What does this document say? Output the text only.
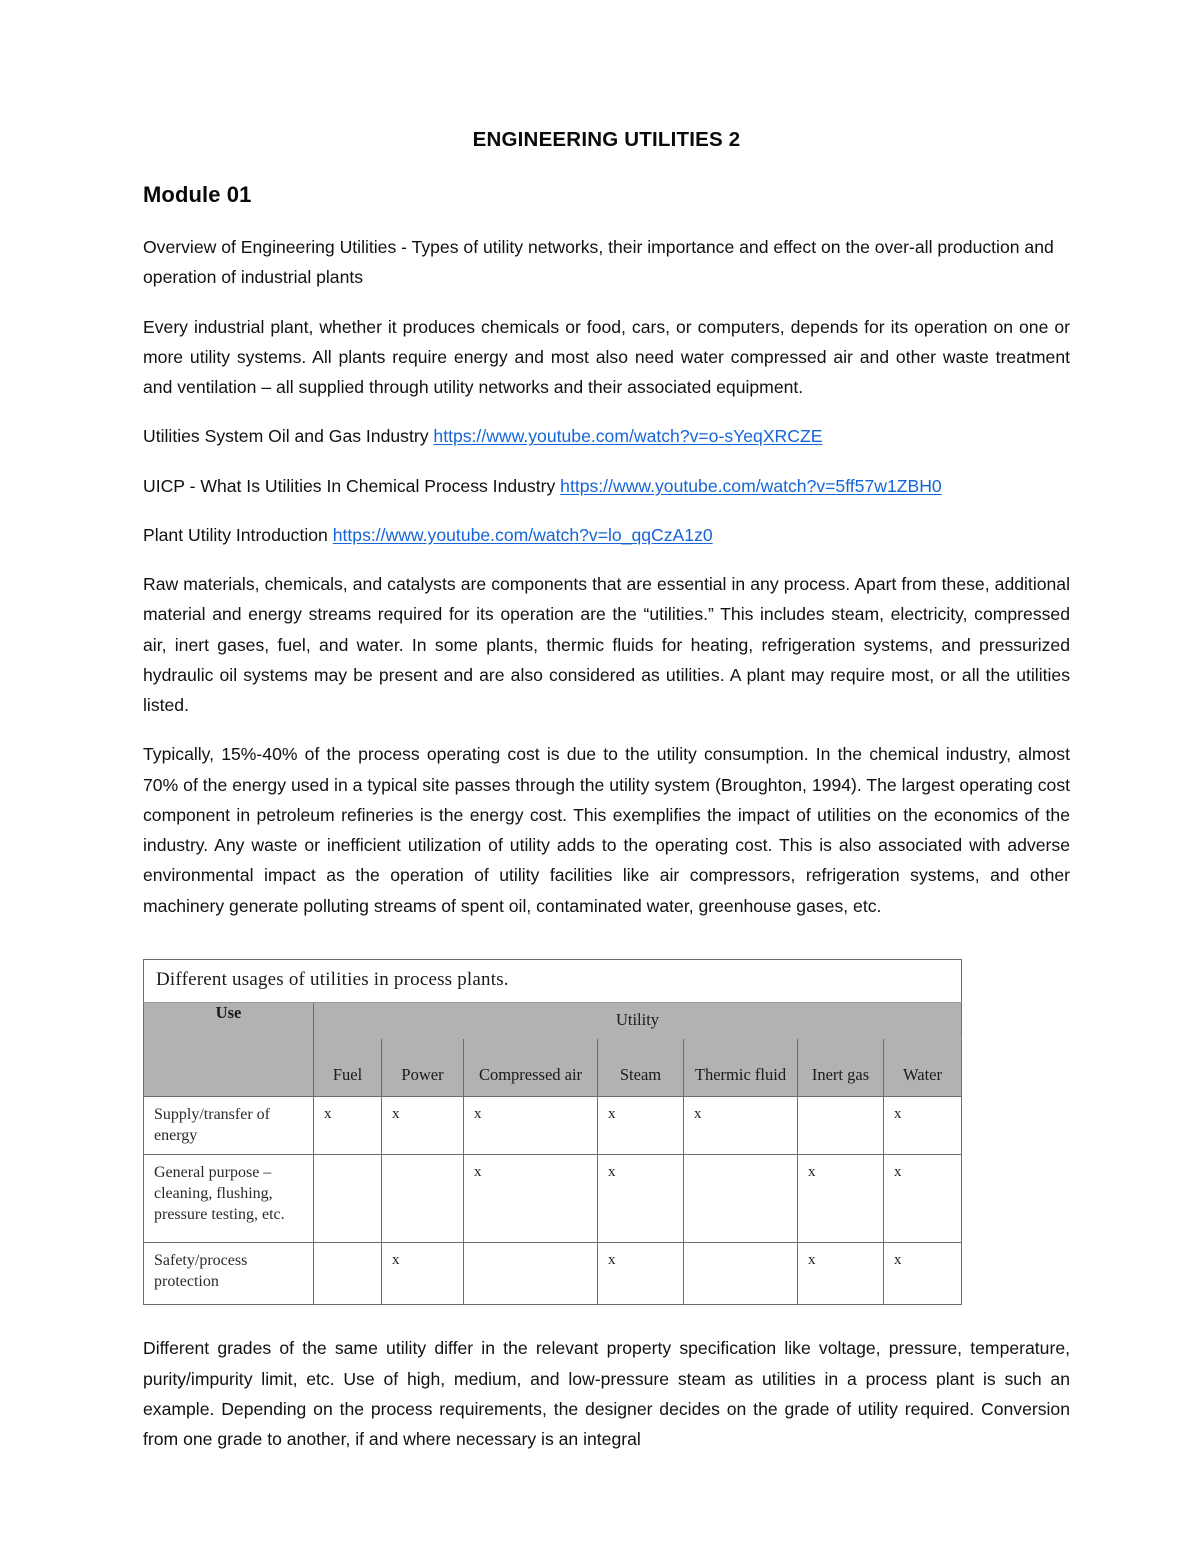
ENGINEERING UTILITIES 2
Module 01

Overview of Engineering Utilities - Types of utility networks, their importance and effect on the over-all production and operation of industrial plants

Every industrial plant, whether it produces chemicals or food, cars, or computers, depends for its operation on one or more utility systems. All plants require energy and most also need water compressed air and other waste treatment and ventilation – all supplied through utility networks and their associated equipment.

Utilities System Oil and Gas Industry https://www.youtube.com/watch?v=o-sYeqXRCZE

UICP - What Is Utilities In Chemical Process Industry https://www.youtube.com/watch?v=5ff57w1ZBH0

Plant Utility Introduction https://www.youtube.com/watch?v=lo_qqCzA1z0

Raw materials, chemicals, and catalysts are components that are essential in any process. Apart from these, additional material and energy streams required for its operation are the “utilities.” This includes steam, electricity, compressed air, inert gases, fuel, and water. In some plants, thermic fluids for heating, refrigeration systems, and pressurized hydraulic oil systems may be present and are also considered as utilities. A plant may require most, or all the utilities listed.

Typically, 15%-40% of the process operating cost is due to the utility consumption. In the chemical industry, almost 70% of the energy used in a typical site passes through the utility system (Broughton, 1994). The largest operating cost component in petroleum refineries is the energy cost. This exemplifies the impact of utilities on the economics of the industry. Any waste or inefficient utilization of utility adds to the operating cost. This is also associated with adverse environmental impact as the operation of utility facilities like air compressors, refrigeration systems, and other machinery generate polluting streams of spent oil, contaminated water, greenhouse gases, etc.

Different usages of utilities in process plants.							

Use	Utility						
	Fuel	Power	Compressed air	Steam	Thermic fluid	Inert gas	Water
Supply/transfer of energy	x	x	x	x	x		x
General purpose – cleaning, flushing, pressure testing, etc.			x	x		x	x
Safety/process protection		x		x		x	x

Different grades of the same utility differ in the relevant property specification like voltage, pressure, temperature, purity/impurity limit, etc. Use of high, medium, and low-pressure steam as utilities in a process plant is such an example. Depending on the process requirements, the designer decides on the grade of utility required. Conversion from one grade to another, if and where necessary is an integral
